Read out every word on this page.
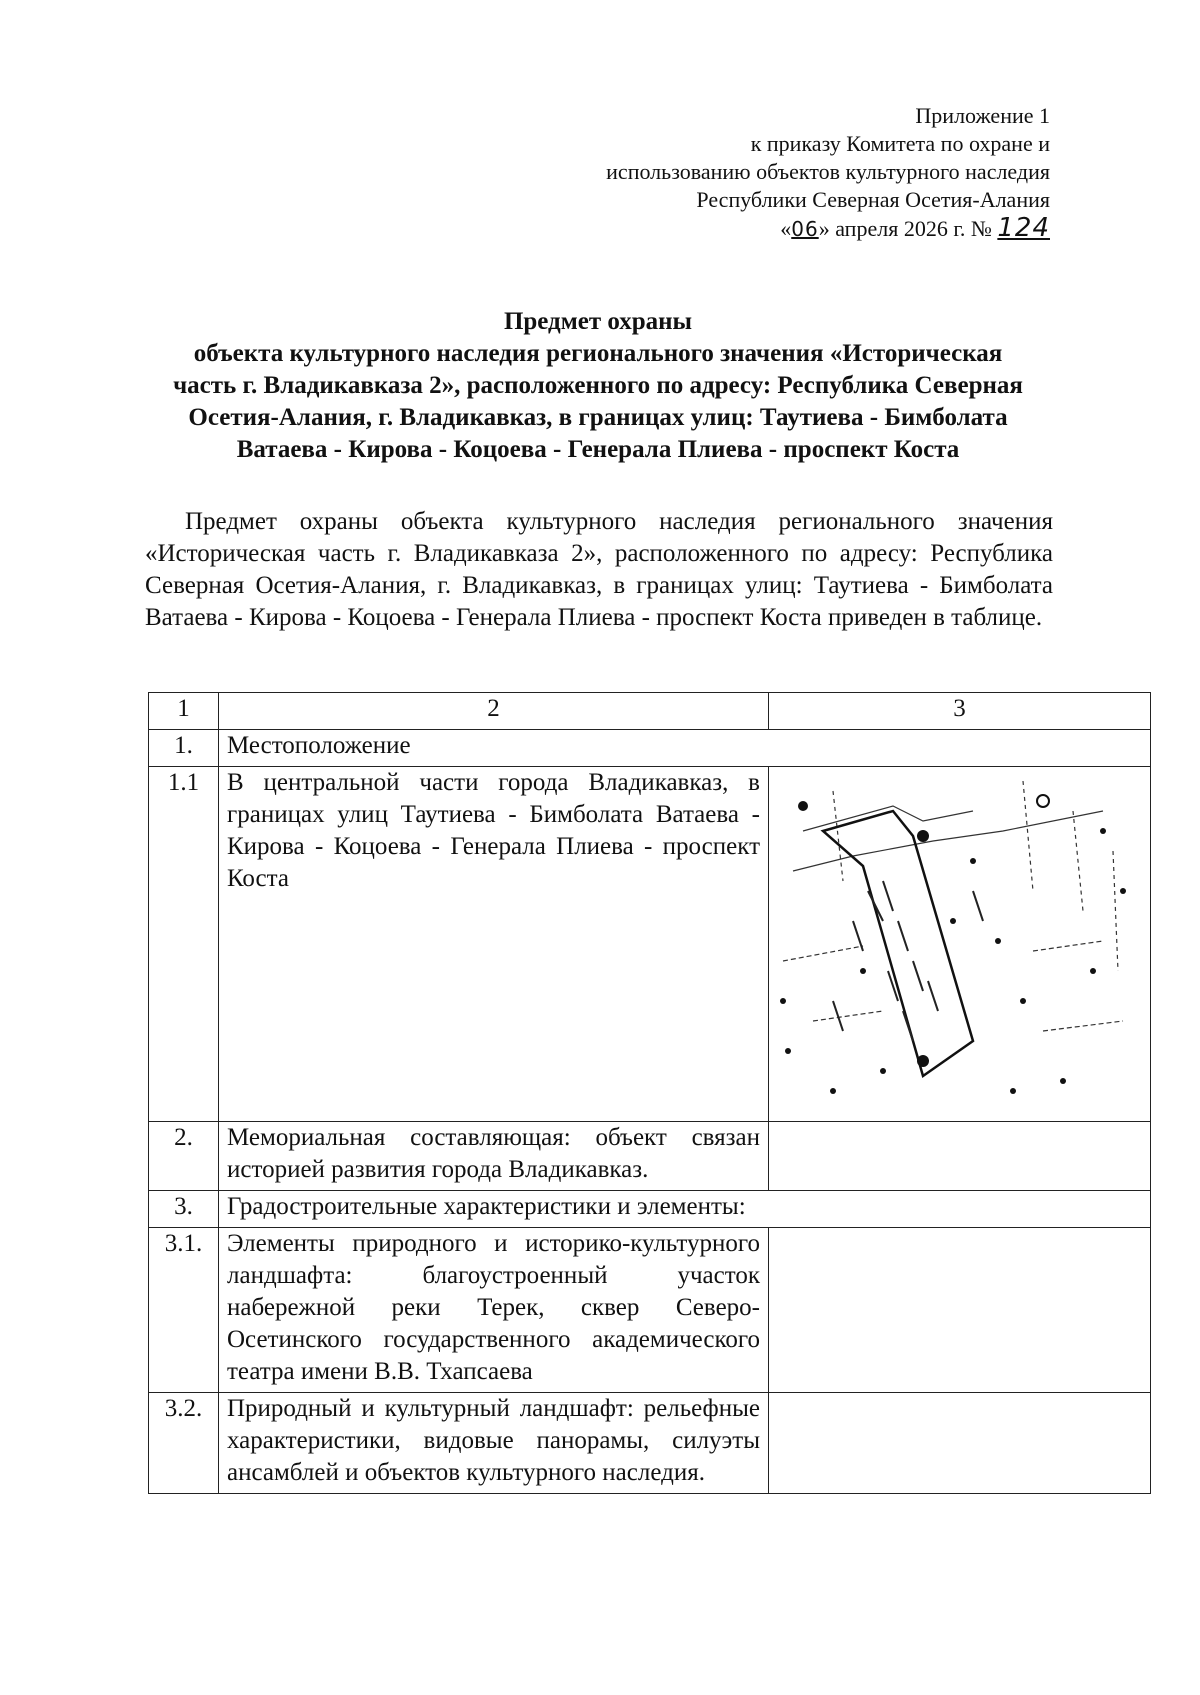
Приложение 1
к приказу Комитета по охране и
использованию объектов культурного наследия
Республики Северная Осетия-Алания
«06» апреля 2026 г. № 124
Предмет охраны
объекта культурного наследия регионального значения «Историческая
часть г. Владикавказа 2», расположенного по адресу: Республика Северная
Осетия-Алания, г. Владикавказ, в границах улиц: Таутиева - Бимболата
Ватаева - Кирова - Коцоева - Генерала Плиева - проспект Коста
Предмет охраны объекта культурного наследия регионального значения «Историческая часть г. Владикавказа 2», расположенного по адресу: Республика Северная Осетия-Алания, г. Владикавказ, в границах улиц: Таутиева - Бимболата Ватаева - Кирова - Коцоева - Генерала Плиева - проспект Коста приведен в таблице.
1	2	3
1.	Местоположение	
1.1	В центральной части города Владикавказ, в границах улиц Таутиева - Бимболата Ватаева - Кирова - Коцоева - Генерала Плиева - проспект Коста	

2.	Мемориальная составляющая: объект связан историей развития города Владикавказ.	
3.	Градостроительные характеристики и элементы:	
3.1.	Элементы природного и историко-культурного ландшафта: благоустроенный участок набережной реки Терек, сквер Северо-Осетинского государственного академического театра имени В.В. Тхапсаева	
3.2.	Природный и культурный ландшафт: рельефные характеристики, видовые панорамы, силуэты ансамблей и объектов культурного наследия.	
